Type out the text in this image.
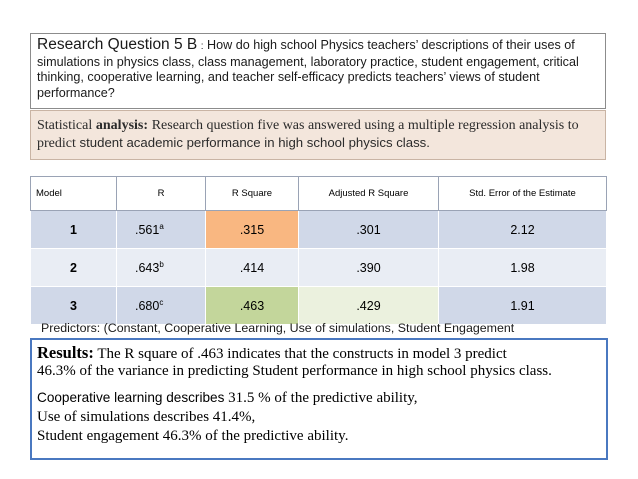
Research Question 5 B : How do high school Physics teachers’ descriptions of their uses of simulations in physics class, class management, laboratory practice, student engagement, critical thinking, cooperative learning, and teacher self-efficacy predicts teachers’ views of student performance?
Statistical analysis: Research question five was answered using a multiple regression analysis to predict student academic performance in high school physics class.
Model	R	R Square	Adjusted R Square	Std. Error of the Estimate
1	.561$^a$	.315	.301	2.12
2	.643$^b$	.414	.390	1.98
3	.680$^c$	.463	.429	1.91
Predictors: (Constant, Cooperative Learning, Use of simulations, Student Engagement
Results: The R square of .463 indicates that the constructs in model 3 predict
46.3% of the variance in predicting Student performance in high school physics class.
Cooperative learning describes 31.5 % of the predictive ability,
Use of simulations describes 41.4%,
Student engagement 46.3% of the predictive ability.
